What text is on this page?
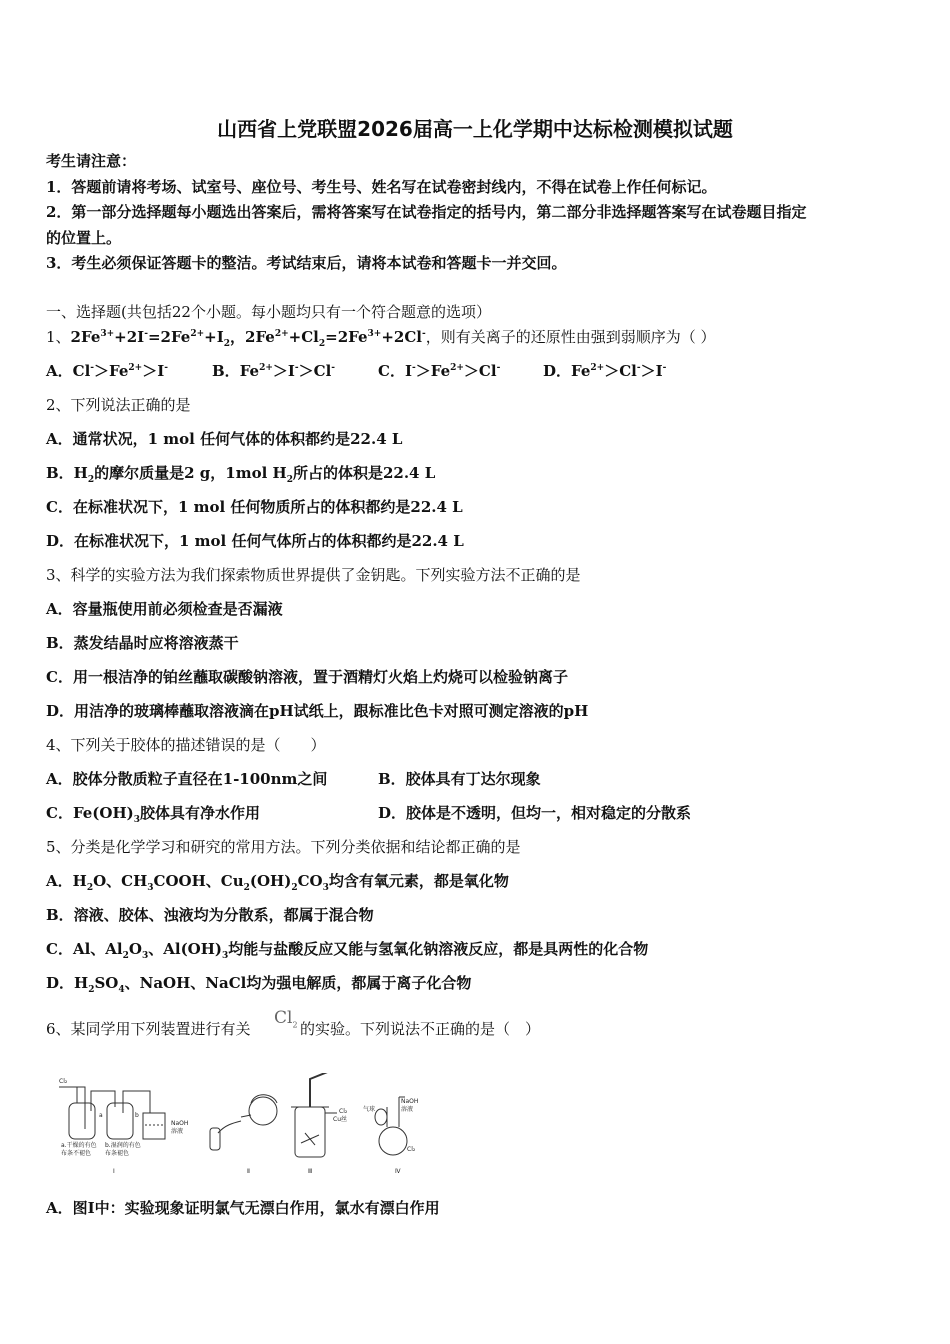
山西省上党联盟2026届高一上化学期中达标检测模拟试题
考生请注意：
1．答题前请将考场、试室号、座位号、考生号、姓名写在试卷密封线内，不得在试卷上作任何标记。
2．第一部分选择题每小题选出答案后，需将答案写在试卷指定的括号内，第二部分非选择题答案写在试卷题目指定
的位置上。
3．考生必须保证答题卡的整洁。考试结束后，请将本试卷和答题卡一并交回。
一、选择题(共包括22个小题。每小题均只有一个符合题意的选项）
1、$2Fe^{3+}+2I^-=2Fe^{2+}+I_2$，$2Fe^{2+}+Cl_2=2Fe^{3+}+2Cl^-$，则有关离子的还原性由强到弱顺序为（ ）
A．$Cl^->Fe^{2+}>I^-$	B．$Fe^{2+}>I^->Cl^-$	C．$I^->Fe^{2+}>Cl^-$	D．$Fe^{2+}>Cl^->I^-$
2、下列说法正确的是
A．通常状况，1 mol 任何气体的体积都约是22.4 L
B．$H_2$的摩尔质量是2 g，1mol $H_2$所占的体积是22.4 L
C．在标准状况下，1 mol 任何物质所占的体积都约是22.4 L
D．在标准状况下，1 mol 任何气体所占的体积都约是22.4 L
3、科学的实验方法为我们探索物质世界提供了金钥匙。下列实验方法不正确的是
A．容量瓶使用前必须检查是否漏液
B．蒸发结晶时应将溶液蒸干
C．用一根洁净的铂丝蘸取碳酸钠溶液，置于酒精灯火焰上灼烧可以检验钠离子
D．用洁净的玻璃棒蘸取溶液滴在pH试纸上，跟标准比色卡对照可测定溶液的pH
4、下列关于胶体的描述错误的是（　　）
A．胶体分散质粒子直径在1-100nm之间	B．胶体具有丁达尔现象
C．$Fe(OH)_3$胶体具有净水作用	D．胶体是不透明，但均一，相对稳定的分散系
5、分类是化学学习和研究的常用方法。下列分类依据和结论都正确的是
A．$H_2O$、$CH_3COOH$、$Cu_2(OH)_2CO_3$均含有氧元素，都是氧化物
B．溶液、胶体、浊液均为分散系，都属于混合物
C．Al、$Al_2O_3$、$Al(OH)_3$均能与盐酸反应又能与氢氧化钠溶液反应，都是具两性的化合物
D．$H_2SO_4$、NaOH、NaCl均为强电解质，都属于离子化合物
6、某同学用下列装置进行有关
$Cl_2$ 的实验。下列说法不正确的是（　）
Cl₂
a	b
NaOH
溶液
a.干燥的有色
布条不褪色
b.湿润的有色
布条褪色
Cl₂
Cu丝
气球
NaOH
溶液
Cl₂
Ⅰ	Ⅱ	Ⅲ	Ⅳ
A．图Ⅰ中：实验现象证明氯气无漂白作用，氯水有漂白作用
